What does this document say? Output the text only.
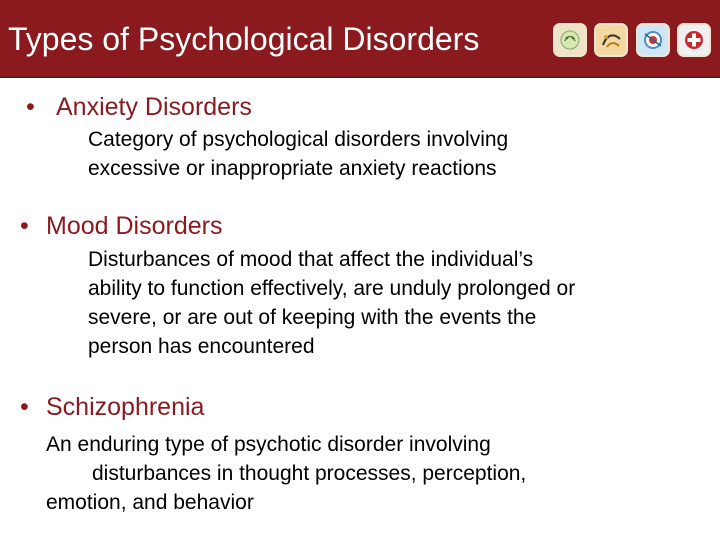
Types of Psychological Disorders
• Anxiety Disorders
Category of psychological disorders involving
excessive or inappropriate anxiety reactions
• Mood Disorders
Disturbances of mood that affect the individual’s
ability to function effectively, are unduly prolonged or
severe, or are out of keeping with the events the
person has encountered
• Schizophrenia
An enduring type of psychotic disorder involving
disturbances in thought processes, perception,
emotion, and behavior
